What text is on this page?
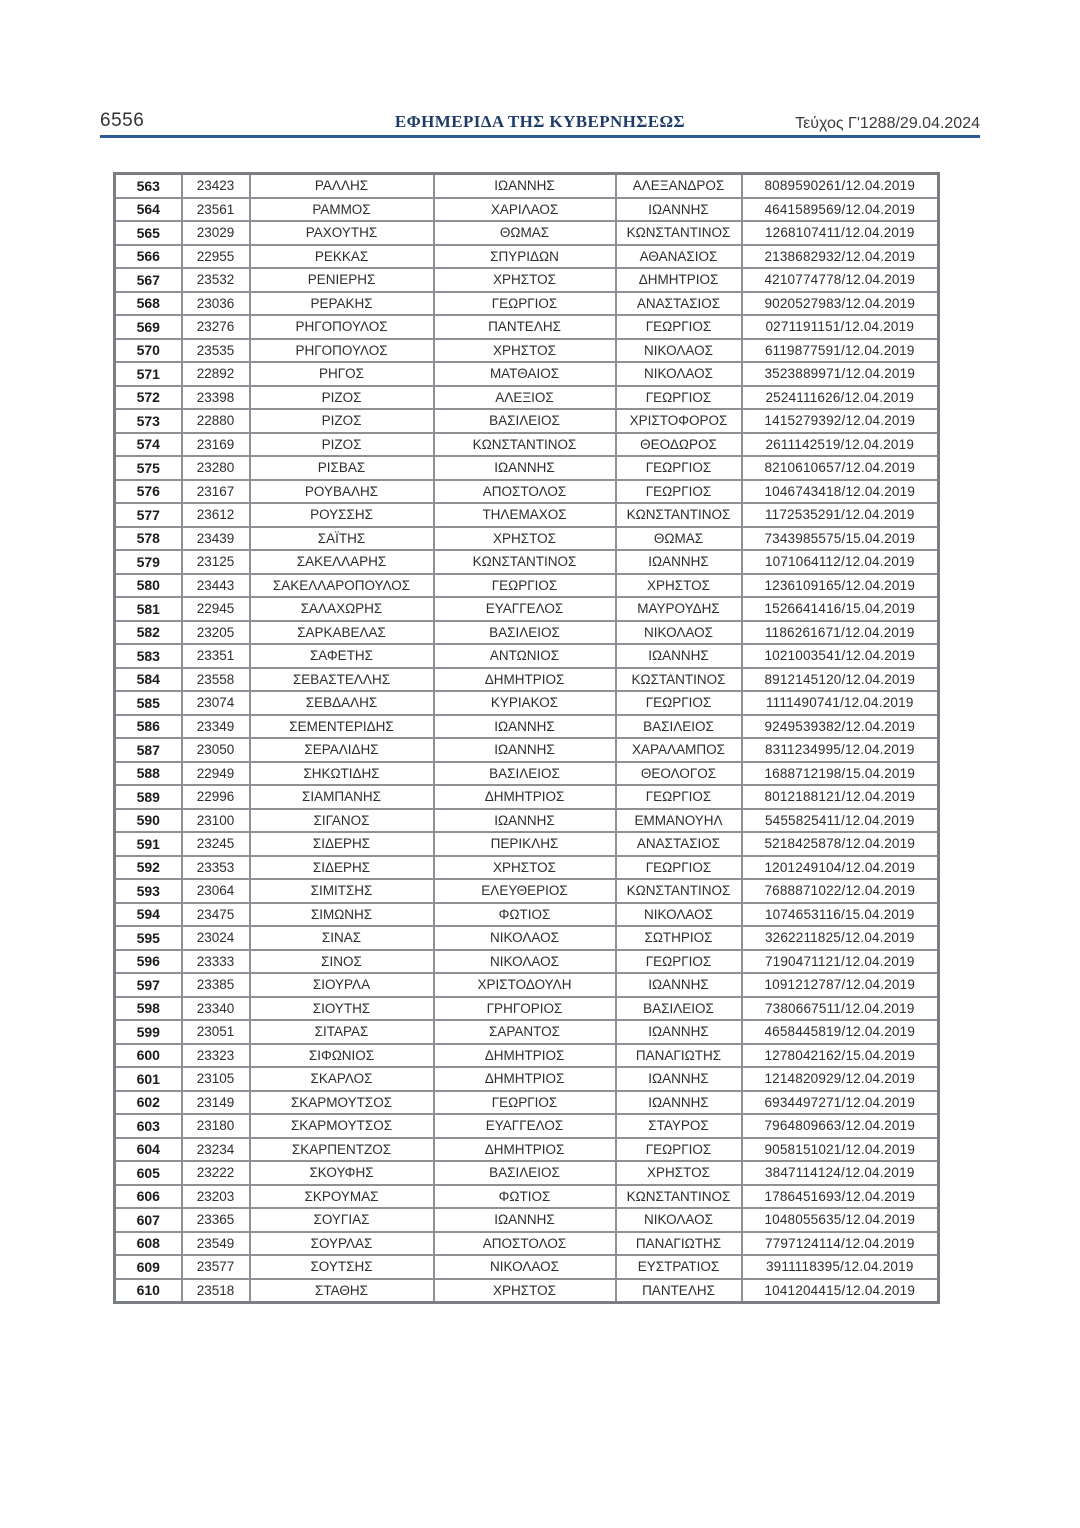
6556	ΕΦΗΜΕΡΙΔΑ ΤΗΣ ΚΥΒΕΡΝΗΣΕΩΣ	Τεύχος Γ'1288/29.04.2024
563	23423	ΡΑΛΛΗΣ	ΙΩΑΝΝΗΣ	ΑΛΕΞΑΝΔΡΟΣ	8089590261/12.04.2019
564	23561	ΡΑΜΜΟΣ	ΧΑΡΙΛΑΟΣ	ΙΩΑΝΝΗΣ	4641589569/12.04.2019
565	23029	ΡΑΧΟΥΤΗΣ	ΘΩΜΑΣ	ΚΩΝΣΤΑΝΤΙΝΟΣ	1268107411/12.04.2019
566	22955	ΡΕΚΚΑΣ	ΣΠΥΡΙΔΩΝ	ΑΘΑΝΑΣΙΟΣ	2138682932/12.04.2019
567	23532	ΡΕΝΙΕΡΗΣ	ΧΡΗΣΤΟΣ	ΔΗΜΗΤΡΙΟΣ	4210774778/12.04.2019
568	23036	ΡΕΡΑΚΗΣ	ΓΕΩΡΓΙΟΣ	ΑΝΑΣΤΑΣΙΟΣ	9020527983/12.04.2019
569	23276	ΡΗΓΟΠΟΥΛΟΣ	ΠΑΝΤΕΛΗΣ	ΓΕΩΡΓΙΟΣ	0271191151/12.04.2019
570	23535	ΡΗΓΟΠΟΥΛΟΣ	ΧΡΗΣΤΟΣ	ΝΙΚΟΛΑΟΣ	6119877591/12.04.2019
571	22892	ΡΗΓΟΣ	ΜΑΤΘΑΙΟΣ	ΝΙΚΟΛΑΟΣ	3523889971/12.04.2019
572	23398	ΡΙΖΟΣ	ΑΛΕΞΙΟΣ	ΓΕΩΡΓΙΟΣ	2524111626/12.04.2019
573	22880	ΡΙΖΟΣ	ΒΑΣΙΛΕΙΟΣ	ΧΡΙΣΤΟΦΟΡΟΣ	1415279392/12.04.2019
574	23169	ΡΙΖΟΣ	ΚΩΝΣΤΑΝΤΙΝΟΣ	ΘΕΟΔΩΡΟΣ	2611142519/12.04.2019
575	23280	ΡΙΣΒΑΣ	ΙΩΑΝΝΗΣ	ΓΕΩΡΓΙΟΣ	8210610657/12.04.2019
576	23167	ΡΟΥΒΑΛΗΣ	ΑΠΟΣΤΟΛΟΣ	ΓΕΩΡΓΙΟΣ	1046743418/12.04.2019
577	23612	ΡΟΥΣΣΗΣ	ΤΗΛΕΜΑΧΟΣ	ΚΩΝΣΤΑΝΤΙΝΟΣ	1172535291/12.04.2019
578	23439	ΣΑΪΤΗΣ	ΧΡΗΣΤΟΣ	ΘΩΜΑΣ	7343985575/15.04.2019
579	23125	ΣΑΚΕΛΛΑΡΗΣ	ΚΩΝΣΤΑΝΤΙΝΟΣ	ΙΩΑΝΝΗΣ	1071064112/12.04.2019
580	23443	ΣΑΚΕΛΛΑΡΟΠΟΥΛΟΣ	ΓΕΩΡΓΙΟΣ	ΧΡΗΣΤΟΣ	1236109165/12.04.2019
581	22945	ΣΑΛΑΧΩΡΗΣ	ΕΥΑΓΓΕΛΟΣ	ΜΑΥΡΟΥΔΗΣ	1526641416/15.04.2019
582	23205	ΣΑΡΚΑΒΕΛΑΣ	ΒΑΣΙΛΕΙΟΣ	ΝΙΚΟΛΑΟΣ	1186261671/12.04.2019
583	23351	ΣΑΦΕΤΗΣ	ΑΝΤΩΝΙΟΣ	ΙΩΑΝΝΗΣ	1021003541/12.04.2019
584	23558	ΣΕΒΑΣΤΕΛΛΗΣ	ΔΗΜΗΤΡΙΟΣ	ΚΩΣΤΑΝΤΙΝΟΣ	8912145120/12.04.2019
585	23074	ΣΕΒΔΑΛΗΣ	ΚΥΡΙΑΚΟΣ	ΓΕΩΡΓΙΟΣ	1111490741/12.04.2019
586	23349	ΣΕΜΕΝΤΕΡΙΔΗΣ	ΙΩΑΝΝΗΣ	ΒΑΣΙΛΕΙΟΣ	9249539382/12.04.2019
587	23050	ΣΕΡΑΛΙΔΗΣ	ΙΩΑΝΝΗΣ	ΧΑΡΑΛΑΜΠΟΣ	8311234995/12.04.2019
588	22949	ΣΗΚΩΤΙΔΗΣ	ΒΑΣΙΛΕΙΟΣ	ΘΕΟΛΟΓΟΣ	1688712198/15.04.2019
589	22996	ΣΙΑΜΠΑΝΗΣ	ΔΗΜΗΤΡΙΟΣ	ΓΕΩΡΓΙΟΣ	8012188121/12.04.2019
590	23100	ΣΙΓΑΝΟΣ	ΙΩΑΝΝΗΣ	ΕΜΜΑΝΟΥΗΛ	5455825411/12.04.2019
591	23245	ΣΙΔΕΡΗΣ	ΠΕΡΙΚΛΗΣ	ΑΝΑΣΤΑΣΙΟΣ	5218425878/12.04.2019
592	23353	ΣΙΔΕΡΗΣ	ΧΡΗΣΤΟΣ	ΓΕΩΡΓΙΟΣ	1201249104/12.04.2019
593	23064	ΣΙΜΙΤΣΗΣ	ΕΛΕΥΘΕΡΙΟΣ	ΚΩΝΣΤΑΝΤΙΝΟΣ	7688871022/12.04.2019
594	23475	ΣΙΜΩΝΗΣ	ΦΩΤΙΟΣ	ΝΙΚΟΛΑΟΣ	1074653116/15.04.2019
595	23024	ΣΙΝΑΣ	ΝΙΚΟΛΑΟΣ	ΣΩΤΗΡΙΟΣ	3262211825/12.04.2019
596	23333	ΣΙΝΟΣ	ΝΙΚΟΛΑΟΣ	ΓΕΩΡΓΙΟΣ	7190471121/12.04.2019
597	23385	ΣΙΟΥΡΛΑ	ΧΡΙΣΤΟΔΟΥΛΗ	ΙΩΑΝΝΗΣ	1091212787/12.04.2019
598	23340	ΣΙΟΥΤΗΣ	ΓΡΗΓΟΡΙΟΣ	ΒΑΣΙΛΕΙΟΣ	7380667511/12.04.2019
599	23051	ΣΙΤΑΡΑΣ	ΣΑΡΑΝΤΟΣ	ΙΩΑΝΝΗΣ	4658445819/12.04.2019
600	23323	ΣΙΦΩΝΙΟΣ	ΔΗΜΗΤΡΙΟΣ	ΠΑΝΑΓΙΩΤΗΣ	1278042162/15.04.2019
601	23105	ΣΚΑΡΛΟΣ	ΔΗΜΗΤΡΙΟΣ	ΙΩΑΝΝΗΣ	1214820929/12.04.2019
602	23149	ΣΚΑΡΜΟΥΤΣΟΣ	ΓΕΩΡΓΙΟΣ	ΙΩΑΝΝΗΣ	6934497271/12.04.2019
603	23180	ΣΚΑΡΜΟΥΤΣΟΣ	ΕΥΑΓΓΕΛΟΣ	ΣΤΑΥΡΟΣ	7964809663/12.04.2019
604	23234	ΣΚΑΡΠΕΝΤΖΟΣ	ΔΗΜΗΤΡΙΟΣ	ΓΕΩΡΓΙΟΣ	9058151021/12.04.2019
605	23222	ΣΚΟΥΦΗΣ	ΒΑΣΙΛΕΙΟΣ	ΧΡΗΣΤΟΣ	3847114124/12.04.2019
606	23203	ΣΚΡΟΥΜΑΣ	ΦΩΤΙΟΣ	ΚΩΝΣΤΑΝΤΙΝΟΣ	1786451693/12.04.2019
607	23365	ΣΟΥΓΙΑΣ	ΙΩΑΝΝΗΣ	ΝΙΚΟΛΑΟΣ	1048055635/12.04.2019
608	23549	ΣΟΥΡΛΑΣ	ΑΠΟΣΤΟΛΟΣ	ΠΑΝΑΓΙΩΤΗΣ	7797124114/12.04.2019
609	23577	ΣΟΥΤΣΗΣ	ΝΙΚΟΛΑΟΣ	ΕΥΣΤΡΑΤΙΟΣ	3911118395/12.04.2019
610	23518	ΣΤΑΘΗΣ	ΧΡΗΣΤΟΣ	ΠΑΝΤΕΛΗΣ	1041204415/12.04.2019
